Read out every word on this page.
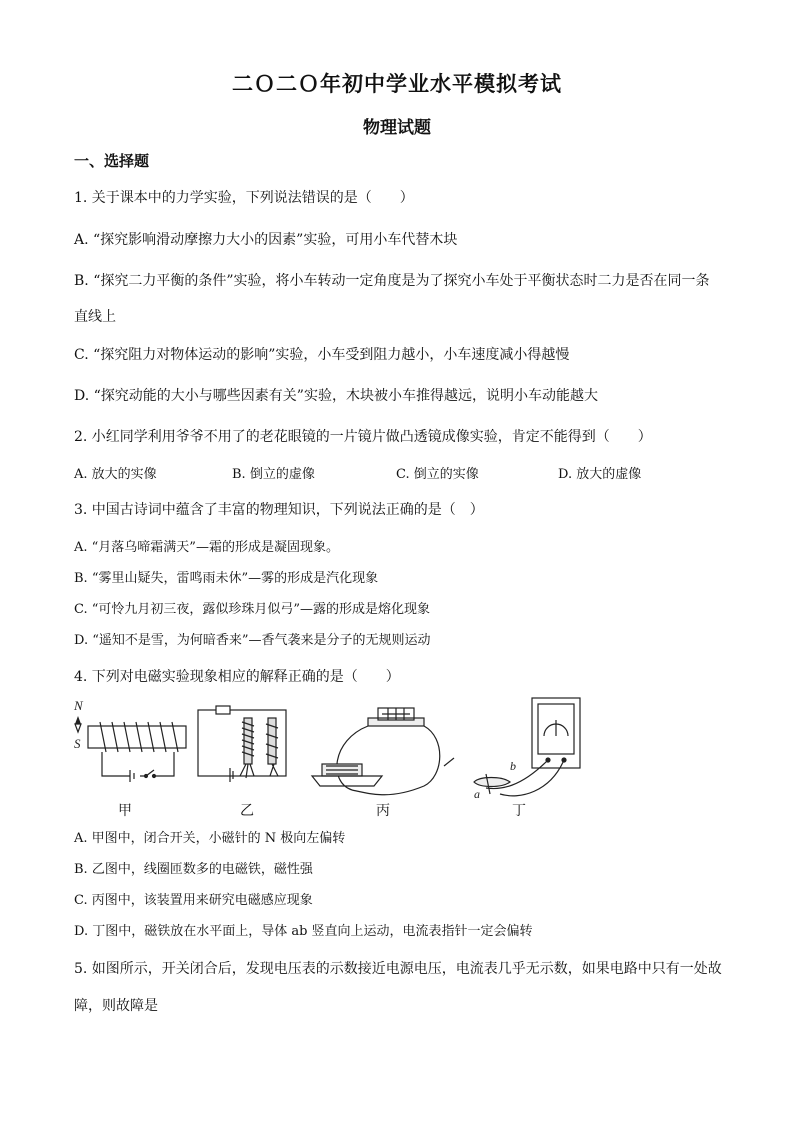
二Ｏ二Ｏ年初中学业水平模拟考试
物理试题
一、选择题
1. 关于课本中的力学实验，下列说法错误的是（　　）
A. “探究影响滑动摩擦力大小的因素”实验，可用小车代替木块
B. “探究二力平衡的条件”实验，将小车转动一定角度是为了探究小车处于平衡状态时二力是否在同一条
直线上
C. “探究阻力对物体运动的影响”实验，小车受到阻力越小，小车速度减小得越慢
D. “探究动能的大小与哪些因素有关”实验，木块被小车推得越远，说明小车动能越大
2. 小红同学利用爷爷不用了的老花眼镜的一片镜片做凸透镜成像实验，肯定不能得到（　　）
A. 放大的实像	B. 倒立的虚像	C. 倒立的实像	D. 放大的虚像
3. 中国古诗词中蕴含了丰富的物理知识，下列说法正确的是（　）
A. “月落乌啼霜满天”—霜的形成是凝固现象。
B. “雾里山疑失，雷鸣雨未休”—雾的形成是汽化现象
C. “可怜九月初三夜，露似珍珠月似弓”—露的形成是熔化现象
D. “遥知不是雪，为何暗香来”—香气袭来是分子的无规则运动
4. 下列对电磁实验现象相应的解释正确的是（　　）
N
S
a
b
甲	乙	丙	丁
A. 甲图中，闭合开关，小磁针的 N 极向左偏转
B. 乙图中，线圈匝数多的电磁铁，磁性强
C. 丙图中，该装置用来研究电磁感应现象
D. 丁图中，磁铁放在水平面上，导体 ab 竖直向上运动，电流表指针一定会偏转
5. 如图所示，开关闭合后，发现电压表的示数接近电源电压，电流表几乎无示数，如果电路中只有一处故
障，则故障是
